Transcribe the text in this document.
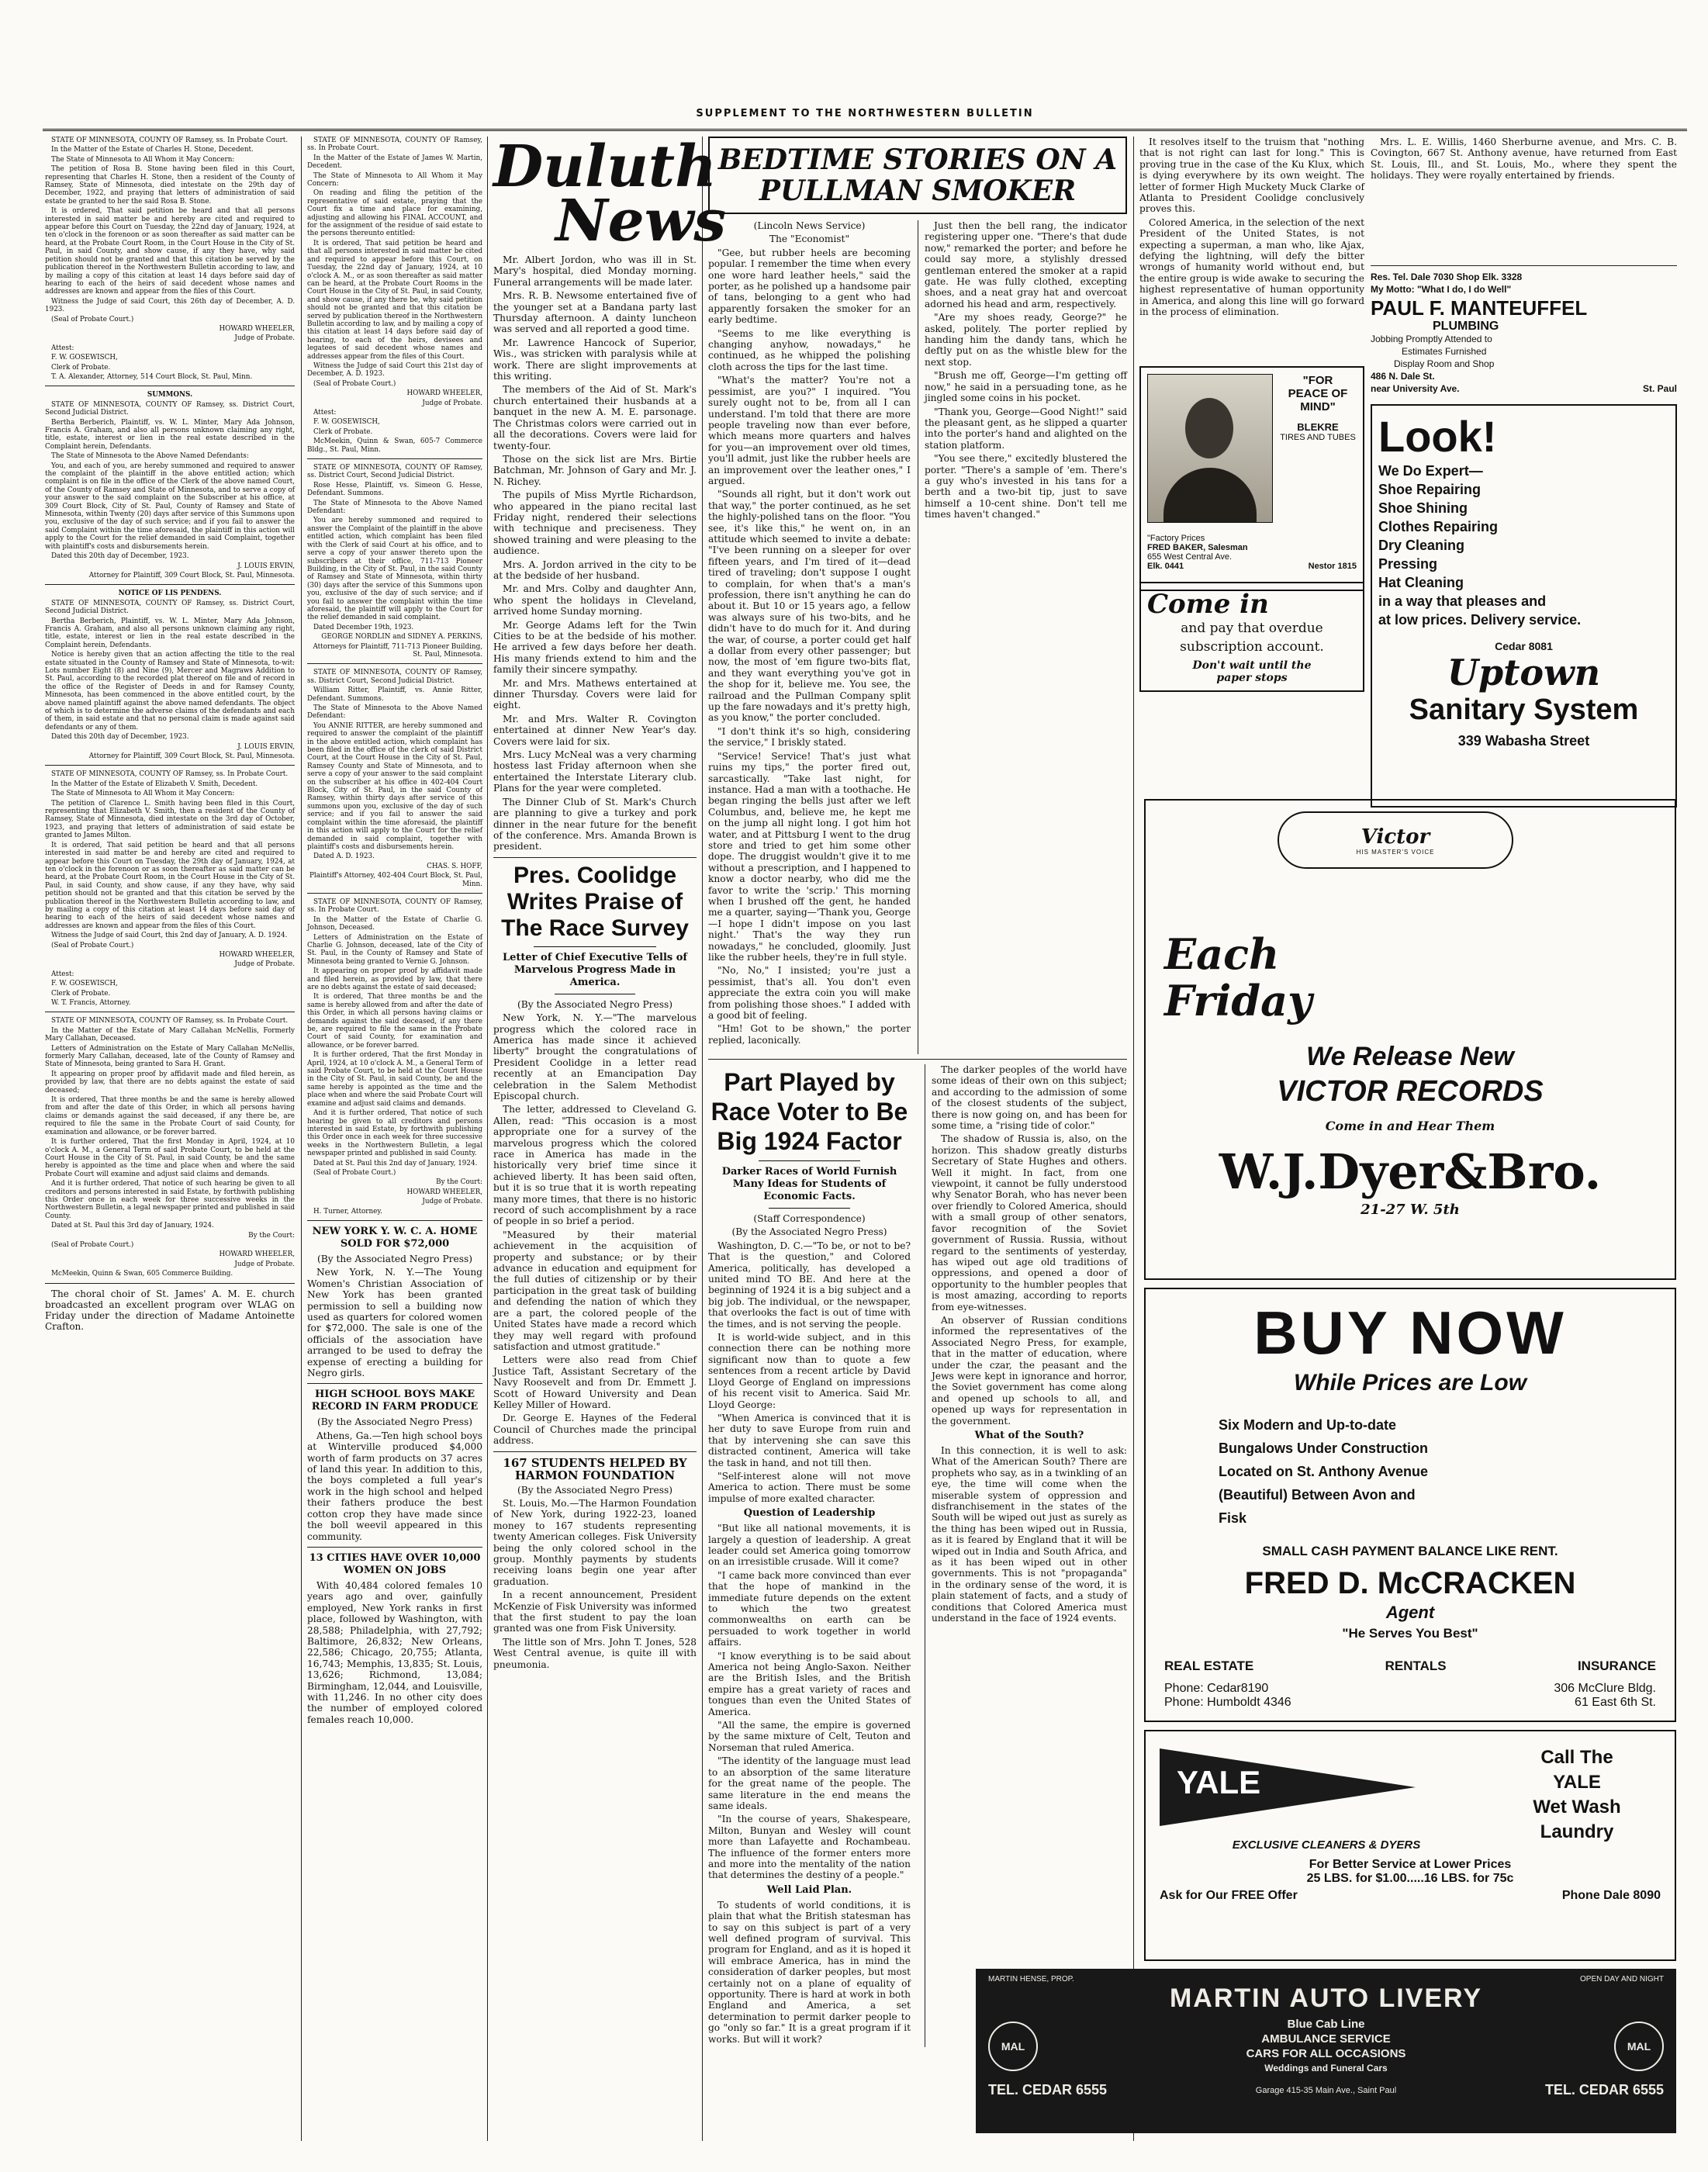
SUPPLEMENT TO THE NORTHWESTERN BULLETIN

STATE OF MINNESOTA, COUNTY OF Ramsey, ss. In Probate Court.

In the Matter of the Estate of Charles H. Stone, Decedent.

The State of Minnesota to All Whom it May Concern:

The petition of Rosa B. Stone having been filed in this Court, representing that Charles H. Stone, then a resident of the County of Ramsey, State of Minnesota, died intestate on the 29th day of December, 1922, and praying that letters of administration of said estate be granted to her the said Rosa B. Stone.

It is ordered, That said petition be heard and that all persons interested in said matter be and hereby are cited and required to appear before this Court on Tuesday, the 22nd day of January, 1924, at ten o'clock in the forenoon or as soon thereafter as said matter can be heard, at the Probate Court Room, in the Court House in the City of St. Paul, in said County, and show cause, if any they have, why said petition should not be granted and that this citation be served by the publication thereof in the Northwestern Bulletin according to law, and by mailing a copy of this citation at least 14 days before said day of hearing to each of the heirs of said decedent whose names and addresses are known and appear from the files of this Court.

Witness the Judge of said Court, this 26th day of December, A. D. 1923.

(Seal of Probate Court.)

HOWARD WHEELER,

Judge of Probate.

Attest:

F. W. GOSEWISCH,

Clerk of Probate.

T. A. Alexander, Attorney, 514 Court Block, St. Paul, Minn.

SUMMONS.

STATE OF MINNESOTA, COUNTY OF Ramsey, ss. District Court, Second Judicial District.

Bertha Berberich, Plaintiff, vs. W. L. Minter, Mary Ada Johnson, Francis A. Graham, and also all persons unknown claiming any right, title, estate, interest or lien in the real estate described in the Complaint herein, Defendants.

The State of Minnesota to the Above Named Defendants:

You, and each of you, are hereby summoned and required to answer the complaint of the plaintiff in the above entitled action; which complaint is on file in the office of the Clerk of the above named Court, of the County of Ramsey and State of Minnesota, and to serve a copy of your answer to the said complaint on the Subscriber at his office, at 309 Court Block, City of St. Paul, County of Ramsey and State of Minnesota, within Twenty (20) days after service of this Summons upon you, exclusive of the day of such service; and if you fail to answer the said Complaint within the time aforesaid, the plaintiff in this action will apply to the Court for the relief demanded in said Complaint, together with plaintiff's costs and disbursements herein.

Dated this 20th day of December, 1923.

J. LOUIS ERVIN,

Attorney for Plaintiff, 309 Court Block, St. Paul, Minnesota.

NOTICE OF LIS PENDENS.

STATE OF MINNESOTA, COUNTY OF Ramsey, ss. District Court, Second Judicial District.

Bertha Berberich, Plaintiff, vs. W. L. Minter, Mary Ada Johnson, Francis A. Graham, and also all persons unknown claiming any right, title, estate, interest or lien in the real estate described in the Complaint herein, Defendants.

Notice is hereby given that an action affecting the title to the real estate situated in the County of Ramsey and State of Minnesota, to-wit: Lots number Eight (8) and Nine (9), Mercer and Magraws Addition to St. Paul, according to the recorded plat thereof on file and of record in the office of the Register of Deeds in and for Ramsey County, Minnesota, has been commenced in the above entitled court, by the above named plaintiff against the above named defendants. The object of which is to determine the adverse claims of the defendants and each of them, in said estate and that no personal claim is made against said defendants or any of them.

Dated this 20th day of December, 1923.

J. LOUIS ERVIN,

Attorney for Plaintiff, 309 Court Block, St. Paul, Minnesota.

STATE OF MINNESOTA, COUNTY OF Ramsey, ss. In Probate Court.

In the Matter of the Estate of Elizabeth V. Smith, Decedent.

The State of Minnesota to All Whom it May Concern:

The petition of Clarence L. Smith having been filed in this Court, representing that Elizabeth V. Smith, then a resident of the County of Ramsey, State of Minnesota, died intestate on the 3rd day of October, 1923, and praying that letters of administration of said estate be granted to James Milton.

It is ordered, That said petition be heard and that all persons interested in said matter be and hereby are cited and required to appear before this Court on Tuesday, the 29th day of January, 1924, at ten o'clock in the forenoon or as soon thereafter as said matter can be heard, at the Probate Court Room, in the Court House in the City of St. Paul, in said County, and show cause, if any they have, why said petition should not be granted and that this citation be served by the publication thereof in the Northwestern Bulletin according to law, and by mailing a copy of this citation at least 14 days before said day of hearing to each of the heirs of said decedent whose names and addresses are known and appear from the files of this Court.

Witness the Judge of said Court, this 2nd day of January, A. D. 1924.

(Seal of Probate Court.)

HOWARD WHEELER,

Judge of Probate.

Attest:

F. W. GOSEWISCH,

Clerk of Probate.

W. T. Francis, Attorney.

STATE OF MINNESOTA, COUNTY OF Ramsey, ss. In Probate Court.

In the Matter of the Estate of Mary Callahan McNellis, Formerly Mary Callahan, Deceased.

Letters of Administration on the Estate of Mary Callahan McNellis, formerly Mary Callahan, deceased, late of the County of Ramsey and State of Minnesota, being granted to Sara H. Grant.

It appearing on proper proof by affidavit made and filed herein, as provided by law, that there are no debts against the estate of said deceased;

It is ordered, That three months be and the same is hereby allowed from and after the date of this Order, in which all persons having claims or demands against the said deceased, if any there be, are required to file the same in the Probate Court of said County, for examination and allowance, or be forever barred.

It is further ordered, That the first Monday in April, 1924, at 10 o'clock A. M., a General Term of said Probate Court, to be held at the Court House in the City of St. Paul, in said County, be and the same hereby is appointed as the time and place when and where the said Probate Court will examine and adjust said claims and demands.

And it is further ordered, That notice of such hearing be given to all creditors and persons interested in said Estate, by forthwith publishing this Order once in each week for three successive weeks in the Northwestern Bulletin, a legal newspaper printed and published in said County.

Dated at St. Paul this 3rd day of January, 1924.

By the Court:

(Seal of Probate Court.)

HOWARD WHEELER,

Judge of Probate.

McMeekin, Quinn & Swan, 605 Commerce Building.

The choral choir of St. James' A. M. E. church broadcasted an excellent program over WLAG on Friday under the direction of Madame Antoinette Crafton.

STATE OF MINNESOTA, COUNTY OF Ramsey, ss. In Probate Court.

In the Matter of the Estate of James W. Martin, Decedent.

The State of Minnesota to All Whom it May Concern:

On reading and filing the petition of the representative of said estate, praying that the Court fix a time and place for examining, adjusting and allowing his FINAL ACCOUNT, and for the assignment of the residue of said estate to the persons thereunto entitled:

It is ordered, That said petition be heard and that all persons interested in said matter be cited and required to appear before this Court, on Tuesday, the 22nd day of January, 1924, at 10 o'clock A. M., or as soon thereafter as said matter can be heard, at the Probate Court Rooms in the Court House in the City of St. Paul, in said County, and show cause, if any there be, why said petition should not be granted and that this citation be served by publication thereof in the Northwestern Bulletin according to law, and by mailing a copy of this citation at least 14 days before said day of hearing, to each of the heirs, devisees and legatees of said decedent whose names and addresses appear from the files of this Court.

Witness the Judge of said Court this 21st day of December, A. D. 1923.

(Seal of Probate Court.)

HOWARD WHEELER,

Judge of Probate.

Attest:

F. W. GOSEWISCH,

Clerk of Probate.

McMeekin, Quinn & Swan, 605-7 Commerce Bldg., St. Paul, Minn.

STATE OF MINNESOTA, COUNTY OF Ramsey, ss. District Court, Second Judicial District.

Rose Hesse, Plaintiff, vs. Simeon G. Hesse, Defendant. Summons.

The State of Minnesota to the Above Named Defendant:

You are hereby summoned and required to answer the Complaint of the plaintiff in the above entitled action, which complaint has been filed with the Clerk of said Court at his office, and to serve a copy of your answer thereto upon the subscribers at their office, 711-713 Pioneer Building, in the City of St. Paul, in the said County of Ramsey and State of Minnesota, within thirty (30) days after the service of this Summons upon you, exclusive of the day of such service; and if you fail to answer the complaint within the time aforesaid, the plaintiff will apply to the Court for the relief demanded in said complaint.

Dated December 19th, 1923.

GEORGE NORDLIN and SIDNEY A. PERKINS,

Attorneys for Plaintiff, 711-713 Pioneer Building, St. Paul, Minnesota.

STATE OF MINNESOTA, COUNTY OF Ramsey, ss. District Court, Second Judicial District.

William Ritter, Plaintiff, vs. Annie Ritter, Defendant. Summons.

The State of Minnesota to the Above Named Defendant:

You ANNIE RITTER, are hereby summoned and required to answer the complaint of the plaintiff in the above entitled action, which complaint has been filed in the office of the clerk of said District Court, at the Court House in the City of St. Paul, Ramsey County and State of Minnesota, and to serve a copy of your answer to the said complaint on the subscriber at his office in 402-404 Court Block, City of St. Paul, in the said County of Ramsey, within thirty days after service of this summons upon you, exclusive of the day of such service; and if you fail to answer the said complaint within the time aforesaid, the plaintiff in this action will apply to the Court for the relief demanded in said complaint, together with plaintiff's costs and disbursements herein.

Dated A. D. 1923.

CHAS. S. HOFF,

Plaintiff's Attorney, 402-404 Court Block, St. Paul, Minn.

STATE OF MINNESOTA, COUNTY OF Ramsey, ss. In Probate Court.

In the Matter of the Estate of Charlie G. Johnson, Deceased.

Letters of Administration on the Estate of Charlie G. Johnson, deceased, late of the City of St. Paul, in the County of Ramsey and State of Minnesota being granted to Vernie G. Johnson.

It appearing on proper proof by affidavit made and filed herein, as provided by law, that there are no debts against the estate of said deceased;

It is ordered, That three months be and the same is hereby allowed from and after the date of this Order, in which all persons having claims or demands against the said deceased, if any there be, are required to file the same in the Probate Court of said County, for examination and allowance, or be forever barred.

It is further ordered, That the first Monday in April, 1924, at 10 o'clock A. M., a General Term of said Probate Court, to be held at the Court House in the City of St. Paul, in said County, be and the same hereby is appointed as the time and the place when and where the said Probate Court will examine and adjust said claims and demands.

And it is further ordered, That notice of such hearing be given to all creditors and persons interested in said Estate, by forthwith publishing this Order once in each week for three successive weeks in the Northwestern Bulletin, a legal newspaper printed and published in said County.

Dated at St. Paul this 2nd day of January, 1924.

(Seal of Probate Court.)

By the Court:

HOWARD WHEELER,

Judge of Probate.

H. Turner, Attorney.

NEW YORK Y. W. C. A. HOME SOLD FOR $72,000

(By the Associated Negro Press)

New York, N. Y.—The Young Women's Christian Association of New York has been granted permission to sell a building now used as quarters for colored women for $72,000. The sale is one of the officials of the association have arranged to be used to defray the expense of erecting a building for Negro girls.

HIGH SCHOOL BOYS MAKE RECORD IN FARM PRODUCE

(By the Associated Negro Press)

Athens, Ga.—Ten high school boys at Winterville produced $4,000 worth of farm products on 37 acres of land this year. In addition to this, the boys completed a full year's work in the high school and helped their fathers produce the best cotton crop they have made since the boll weevil appeared in this community.

13 CITIES HAVE OVER 10,000 WOMEN ON JOBS

With 40,484 colored females 10 years ago and over, gainfully employed, New York ranks in first place, followed by Washington, with 28,588; Philadelphia, with 27,792; Baltimore, 26,832; New Orleans, 22,586; Chicago, 20,755; Atlanta, 16,743; Memphis, 13,835; St. Louis, 13,626; Richmond, 13,084; Birmingham, 12,044, and Louisville, with 11,246. In no other city does the number of employed colored females reach 10,000.

Duluth
News

Mr. Albert Jordon, who was ill in St. Mary's hospital, died Monday morning. Funeral arrangements will be made later.

Mrs. R. B. Newsome entertained five of the younger set at a Bandana party last Thursday afternoon. A dainty luncheon was served and all reported a good time.

Mr. Lawrence Hancock of Superior, Wis., was stricken with paralysis while at work. There are slight improvements at this writing.

The members of the Aid of St. Mark's church entertained their husbands at a banquet in the new A. M. E. parsonage. The Christmas colors were carried out in all the decorations. Covers were laid for twenty-four.

Those on the sick list are Mrs. Birtie Batchman, Mr. Johnson of Gary and Mr. J. N. Richey.

The pupils of Miss Myrtle Richardson, who appeared in the piano recital last Friday night, rendered their selections with technique and preciseness. They showed training and were pleasing to the audience.

Mrs. A. Jordon arrived in the city to be at the bedside of her husband.

Mr. and Mrs. Colby and daughter Ann, who spent the holidays in Cleveland, arrived home Sunday morning.

Mr. George Adams left for the Twin Cities to be at the bedside of his mother. He arrived a few days before her death. His many friends extend to him and the family their sincere sympathy.

Mr. and Mrs. Mathews entertained at dinner Thursday. Covers were laid for eight.

Mr. and Mrs. Walter R. Covington entertained at dinner New Year's day. Covers were laid for six.

Mrs. Lucy McNeal was a very charming hostess last Friday afternoon when she entertained the Interstate Literary club. Plans for the year were completed.

The Dinner Club of St. Mark's Church are planning to give a turkey and pork dinner in the near future for the benefit of the conference. Mrs. Amanda Brown is president.

Pres. Coolidge Writes Praise of The Race Survey
Letter of Chief Executive Tells of Marvelous Progress Made in America.

(By the Associated Negro Press)

New York, N. Y.—"The marvelous progress which the colored race in America has made since it achieved liberty" brought the congratulations of President Coolidge in a letter read recently at an Emancipation Day celebration in the Salem Methodist Episcopal church.

The letter, addressed to Cleveland G. Allen, read: "This occasion is a most appropriate one for a survey of the marvelous progress which the colored race in America has made in the historically very brief time since it achieved liberty. It has been said often, but it is so true that it is worth repeating many more times, that there is no historic record of such accomplishment by a race of people in so brief a period.

"Measured by their material achievement in the acquisition of property and substance; or by their advance in education and equipment for the full duties of citizenship or by their participation in the great task of building and defending the nation of which they are a part, the colored people of the United States have made a record which they may well regard with profound satisfaction and utmost gratitude."

Letters were also read from Chief Justice Taft, Assistant Secretary of the Navy Roosevelt and from Dr. Emmett J. Scott of Howard University and Dean Kelley Miller of Howard.

Dr. George E. Haynes of the Federal Council of Churches made the principal address.

167 STUDENTS HELPED BY HARMON FOUNDATION

(By the Associated Negro Press)

St. Louis, Mo.—The Harmon Foundation of New York, during 1922-23, loaned money to 167 students representing twenty American colleges. Fisk University being the only colored school in the group. Monthly payments by students receiving loans begin one year after graduation.

In a recent announcement, President McKenzie of Fisk University was informed that the first student to pay the loan granted was one from Fisk University.

The little son of Mrs. John T. Jones, 528 West Central avenue, is quite ill with pneumonia.

BEDTIME STORIES ON A PULLMAN SMOKER

(Lincoln News Service)

The "Economist"

"Gee, but rubber heels are becoming popular. I remember the time when every one wore hard leather heels," said the porter, as he polished up a handsome pair of tans, belonging to a gent who had apparently forsaken the smoker for an early bedtime.

"Seems to me like everything is changing anyhow, nowadays," he continued, as he whipped the polishing cloth across the tips for the last time.

"What's the matter? You're not a pessimist, are you?" I inquired. "You surely ought not to be, from all I can understand. I'm told that there are more people traveling now than ever before, which means more quarters and halves for you—an improvement over old times, you'll admit, just like the rubber heels are an improvement over the leather ones," I argued.

"Sounds all right, but it don't work out that way," the porter continued, as he set the highly-polished tans on the floor. "You see, it's like this," he went on, in an attitude which seemed to invite a debate: "I've been running on a sleeper for over fifteen years, and I'm tired of it—dead tired of traveling; don't suppose I ought to complain, for when that's a man's profession, there isn't anything he can do about it. But 10 or 15 years ago, a fellow was always sure of his two-bits, and he didn't have to do much for it. And during the war, of course, a porter could get half a dollar from every other passenger; but now, the most of 'em figure two-bits flat, and they want everything you've got in the shop for it, believe me. You see, the railroad and the Pullman Company split up the fare nowadays and it's pretty high, as you know," the porter concluded.

"I don't think it's so high, considering the service," I briskly stated.

"Service! Service! That's just what ruins my tips," the porter fired out, sarcastically. "Take last night, for instance. Had a man with a toothache. He began ringing the bells just after we left Columbus, and, believe me, he kept me on the jump all night long. I got him hot water, and at Pittsburg I went to the drug store and tried to get him some other dope. The druggist wouldn't give it to me without a prescription, and I happened to know a doctor nearby, who did me the favor to write the 'scrip.' This morning when I brushed off the gent, he handed me a quarter, saying—'Thank you, George—I hope I didn't impose on you last night.' That's the way they run nowadays," he concluded, gloomily. Just like the rubber heels, they're in full style.

"No, No," I insisted; you're just a pessimist, that's all. You don't even appreciate the extra coin you will make from polishing those shoes." I added with a good bit of feeling.

"Hm! Got to be shown," the porter replied, laconically.

Just then the bell rang, the indicator registering upper one. "There's that dude now," remarked the porter; and before he could say more, a stylishly dressed gentleman entered the smoker at a rapid gate. He was fully clothed, excepting shoes, and a neat gray hat and overcoat adorned his head and arm, respectively.

"Are my shoes ready, George?" he asked, politely. The porter replied by handing him the dandy tans, which he deftly put on as the whistle blew for the next stop.

"Brush me off, George—I'm getting off now," he said in a persuading tone, as he jingled some coins in his pocket.

"Thank you, George—Good Night!" said the pleasant gent, as he slipped a quarter into the porter's hand and alighted on the station platform.

"You see there," excitedly blustered the porter. "There's a sample of 'em. There's a guy who's invested in his tans for a berth and a two-bit tip, just to save himself a 10-cent shine. Don't tell me times haven't changed."

Part Played by Race Voter to Be Big 1924 Factor
Darker Races of World Furnish Many Ideas for Students of Economic Facts.

(Staff Correspondence)

(By the Associated Negro Press)

Washington, D. C.—"To be, or not to be? That is the question," and Colored America, politically, has developed a united mind TO BE. And here at the beginning of 1924 it is a big subject and a big job. The individual, or the newspaper, that overlooks the fact is out of time with the times, and is not serving the people.

It is world-wide subject, and in this connection there can be nothing more significant now than to quote a few sentences from a recent article by David Lloyd George of England on impressions of his recent visit to America. Said Mr. Lloyd George:

"When America is convinced that it is her duty to save Europe from ruin and that by intervening she can save this distracted continent, America will take the task in hand, and not till then.

"Self-interest alone will not move America to action. There must be some impulse of more exalted character.

Question of Leadership

"But like all national movements, it is largely a question of leadership. A great leader could set America going tomorrow on an irresistible crusade. Will it come?

"I came back more convinced than ever that the hope of mankind in the immediate future depends on the extent to which the two greatest commonwealths on earth can be persuaded to work together in world affairs.

"I know everything is to be said about America not being Anglo-Saxon. Neither are the British Isles, and the British empire has a great variety of races and tongues than even the United States of America.

"All the same, the empire is governed by the same mixture of Celt, Teuton and Norseman that ruled America.

"The identity of the language must lead to an absorption of the same literature for the great name of the people. The same literature in the end means the same ideals.

"In the course of years, Shakespeare, Milton, Bunyan and Wesley will count more than Lafayette and Rochambeau. The influence of the former enters more and more into the mentality of the nation that determines the destiny of a people."

Well Laid Plan.

To students of world conditions, it is plain that what the British statesman has to say on this subject is part of a very well defined program of survival. This program for England, and as it is hoped it will embrace America, has in mind the consideration of darker peoples, but most certainly not on a plane of equality of opportunity. There is hard at work in both England and America, a set determination to permit darker people to go "only so far." It is a great program if it works. But will it work?

The darker peoples of the world have some ideas of their own on this subject; and according to the admission of some of the closest students of the subject, there is now going on, and has been for some time, a "rising tide of color."

The shadow of Russia is, also, on the horizon. This shadow greatly disturbs Secretary of State Hughes and others. Well it might. In fact, from one viewpoint, it cannot be fully understood why Senator Borah, who has never been over friendly to Colored America, should with a small group of other senators, favor recognition of the Soviet government of Russia. Russia, without regard to the sentiments of yesterday, has wiped out age old traditions of oppressions, and opened a door of opportunity to the humbler peoples that is most amazing, according to reports from eye-witnesses.

An observer of Russian conditions informed the representatives of the Associated Negro Press, for example, that in the matter of education, where under the czar, the peasant and the Jews were kept in ignorance and horror, the Soviet government has come along and opened up schools to all, and opened up ways for representation in the government.

What of the South?

In this connection, it is well to ask: What of the American South? There are prophets who say, as in a twinkling of an eye, the time will come when the miserable system of oppression and disfranchisement in the states of the South will be wiped out just as surely as the thing has been wiped out in Russia, as it is feared by England that it will be wiped out in India and South Africa, and as it has been wiped out in other governments. This is not "propaganda" in the ordinary sense of the word, it is plain statement of facts, and a study of conditions that Colored America must understand in the face of 1924 events.

It resolves itself to the truism that "nothing that is not right can last for long." This is proving true in the case of the Ku Klux, which is dying everywhere by its own weight. The letter of former High Muckety Muck Clarke of Atlanta to President Coolidge conclusively proves this.

Colored America, in the selection of the next President of the United States, is not expecting a superman, a man who, like Ajax, defying the lightning, will defy the bitter wrongs of humanity world without end, but the entire group is wide awake to securing the highest representative of human opportunity in America, and along this line will go forward in the process of elimination.

"FOR
PEACE OF
MIND"
BLEKRE
TIRES AND TUBES
"Factory Prices
FRED BAKER, Salesman
655 West Central Ave.
Elk. 0441	Nestor 1815
Come in
and pay that overdue
subscription account.
Don't wait until the
paper stops

Mrs. L. E. Willis, 1460 Sherburne avenue, and Mrs. C. B. Covington, 667 St. Anthony avenue, have returned from East St. Louis, Ill., and St. Louis, Mo., where they spent the holidays. They were royally entertained by friends.

Res. Tel. Dale 7030 Shop Elk. 3328
My Motto: "What I do, I do Well"
PAUL F. MANTEUFFEL
PLUMBING
Jobbing Promptly Attended to
Estimates Furnished
Display Room and Shop
486 N. Dale St.
near University Ave.	St. Paul
Look!
We Do Expert—
Shoe Repairing
Shoe Shining
Clothes Repairing
Dry Cleaning
Pressing
Hat Cleaning
in a way that pleases and
at low prices. Delivery service.
Cedar 8081
Uptown
Sanitary System
339 Wabasha Street
Victor
HIS MASTER'S VOICE
Each
Friday
We Release New
VICTOR RECORDS
Come in and Hear Them
W.J.Dyer&Bro.
21-27 W. 5th
BUY NOW
While Prices are Low
Six Modern and Up-to-date
Bungalows Under Construction
Located on St. Anthony Avenue
(Beautiful) Between Avon and
Fisk
SMALL CASH PAYMENT BALANCE LIKE RENT.
FRED D. McCRACKEN
Agent
"He Serves You Best"
REAL ESTATE	RENTALS	INSURANCE
Phone: Cedar8190
Phone: Humboldt 4346
306 McClure Bldg.
61 East 6th St.
YALE
EXCLUSIVE CLEANERS & DYERS
Call The
YALE
Wet Wash
Laundry
For Better Service at Lower Prices
25 LBS. for $1.00.....16 LBS. for 75c
Ask for Our FREE Offer	Phone Dale 8090
MARTIN HENSE, PROP.	OPEN DAY AND NIGHT
MARTIN AUTO LIVERY
MAL
Blue Cab Line
AMBULANCE SERVICE
CARS FOR ALL OCCASIONS
Weddings and Funeral Cars
MAL
TEL. CEDAR 6555	Garage 415-35 Main Ave., Saint Paul	TEL. CEDAR 6555
